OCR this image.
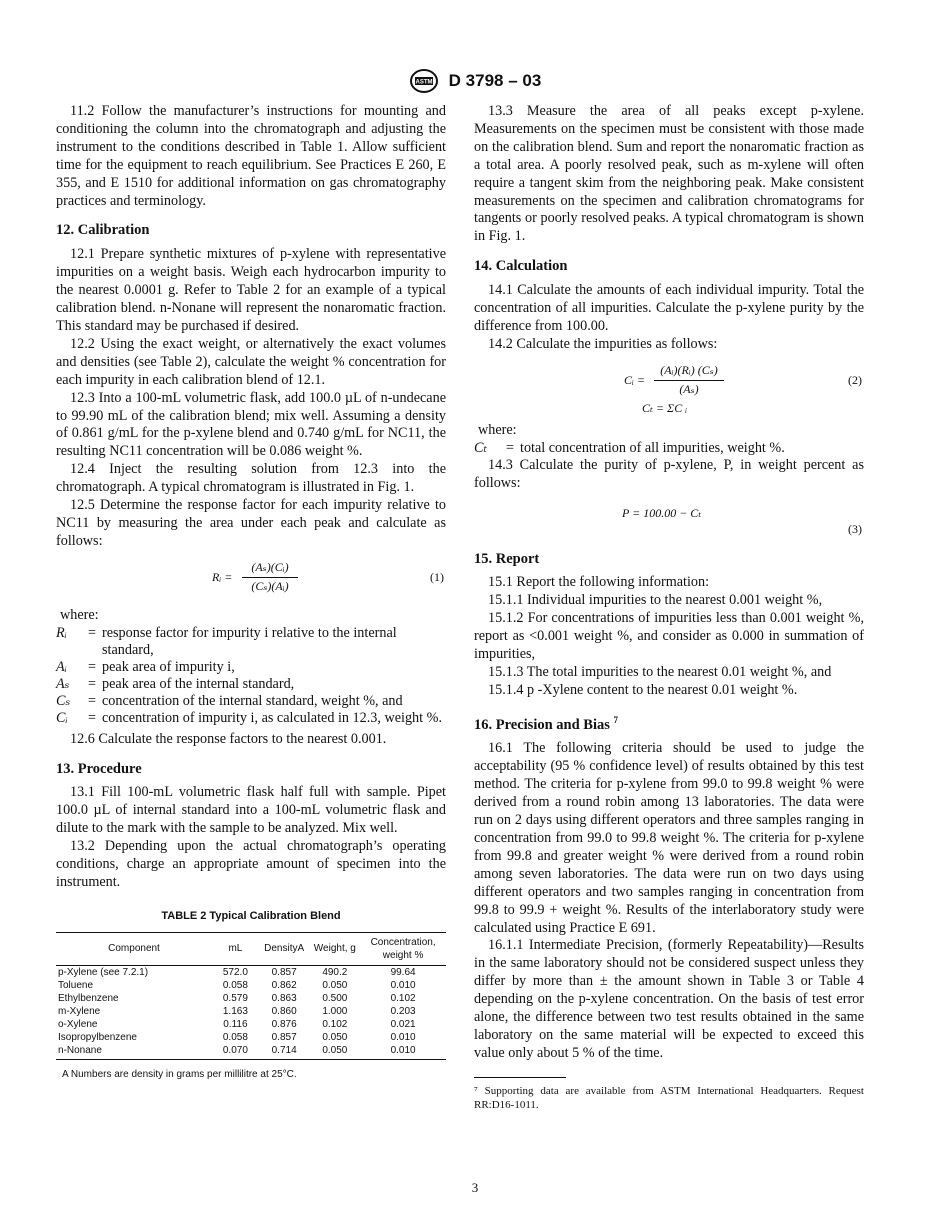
ASTM D 3798 – 03

11.2 Follow the manufacturer’s instructions for mounting and conditioning the column into the chromatograph and adjusting the instrument to the conditions described in Table 1. Allow sufficient time for the equipment to reach equilibrium. See Practices E 260, E 355, and E 1510 for additional information on gas chromatography practices and terminology.

12. Calibration

12.1 Prepare synthetic mixtures of p-xylene with representative impurities on a weight basis. Weigh each hydrocarbon impurity to the nearest 0.0001 g. Refer to Table 2 for an example of a typical calibration blend. n-Nonane will represent the nonaromatic fraction. This standard may be purchased if desired.

12.2 Using the exact weight, or alternatively the exact volumes and densities (see Table 2), calculate the weight % concentration for each impurity in each calibration blend of 12.1.

12.3 Into a 100-mL volumetric flask, add 100.0 µL of n-undecane to 99.90 mL of the calibration blend; mix well. Assuming a density of 0.861 g/mL for the p-xylene blend and 0.740 g/mL for NC11, the resulting NC11 concentration will be 0.086 weight %.

12.4 Inject the resulting solution from 12.3 into the chromatograph. A typical chromatogram is illustrated in Fig. 1.

12.5 Determine the response factor for each impurity relative to NC11 by measuring the area under each peak and calculate as follows:

Rᵢ = $\frac{\text{(Aₛ)(Cᵢ)}}{\text{(Cₛ)(Aᵢ)}}$	(1)
where:
Rᵢ	=	response factor for impurity i relative to the internal standard,
Aᵢ	=	peak area of impurity i,
Aₛ	=	peak area of the internal standard,
Cₛ	=	concentration of the internal standard, weight %, and
Cᵢ	=	concentration of impurity i, as calculated in 12.3, weight %.

12.6 Calculate the response factors to the nearest 0.001.

13. Procedure

13.1 Fill 100-mL volumetric flask half full with sample. Pipet 100.0 µL of internal standard into a 100-mL volumetric flask and dilute to the mark with the sample to be analyzed. Mix well.

13.2 Depending upon the actual chromatograph’s operating conditions, charge an appropriate amount of specimen into the instrument.

TABLE 2 Typical Calibration Blend
Component	mL	DensityA	Weight, g	Concentration, weight %
p-Xylene (see 7.2.1)	572.0	0.857	490.2	99.64
Toluene	0.058	0.862	0.050	0.010
Ethylbenzene	0.579	0.863	0.500	0.102
m-Xylene	1.163	0.860	1.000	0.203
o-Xylene	0.116	0.876	0.102	0.021
Isopropylbenzene	0.058	0.857	0.050	0.010
n-Nonane	0.070	0.714	0.050	0.010
A Numbers are density in grams per millilitre at 25°C.

13.3 Measure the area of all peaks except p-xylene. Measurements on the specimen must be consistent with those made on the calibration blend. Sum and report the nonaromatic fraction as a total area. A poorly resolved peak, such as m-xylene will often require a tangent skim from the neighboring peak. Make consistent measurements on the specimen and calibration chromatograms for tangents or poorly resolved peaks. A typical chromatogram is shown in Fig. 1.

14. Calculation

14.1 Calculate the amounts of each individual impurity. Total the concentration of all impurities. Calculate the p-xylene purity by the difference from 100.00.

14.2 Calculate the impurities as follows:

Cᵢ = $\frac{\text{(Aᵢ)(Rᵢ) (Cₛ)}}{\text{(Aₛ)}}$	(2)
Cₜ = ΣC ᵢ
where:
Cₜ	=	total concentration of all impurities, weight %.

14.3 Calculate the purity of p-xylene, P, in weight percent as follows:

P = 100.00 − Cₜ
(3)
15. Report

15.1 Report the following information:

15.1.1 Individual impurities to the nearest 0.001 weight %,

15.1.2 For concentrations of impurities less than 0.001 weight %, report as <0.001 weight %, and consider as 0.000 in summation of impurities,

15.1.3 The total impurities to the nearest 0.01 weight %, and

15.1.4 p -Xylene content to the nearest 0.01 weight %.

16. Precision and Bias $^7$

16.1 The following criteria should be used to judge the acceptability (95 % confidence level) of results obtained by this test method. The criteria for p-xylene from 99.0 to 99.8 weight % were derived from a round robin among 13 laboratories. The data were run on 2 days using different operators and three samples ranging in concentration from 99.0 to 99.8 weight %. The criteria for p-xylene from 99.8 and greater weight % were derived from a round robin among seven laboratories. The data were run on two days using different operators and two samples ranging in concentration from 99.8 to 99.9 + weight %. Results of the interlaboratory study were calculated using Practice E 691.

16.1.1 Intermediate Precision, (formerly Repeatability)—Results in the same laboratory should not be considered suspect unless they differ by more than ± the amount shown in Table 3 or Table 4 depending on the p-xylene concentration. On the basis of test error alone, the difference between two test results obtained in the same laboratory on the same material will be expected to exceed this value only about 5 % of the time.

⁷ Supporting data are available from ASTM International Headquarters. Request RR:D16-1011.
3
